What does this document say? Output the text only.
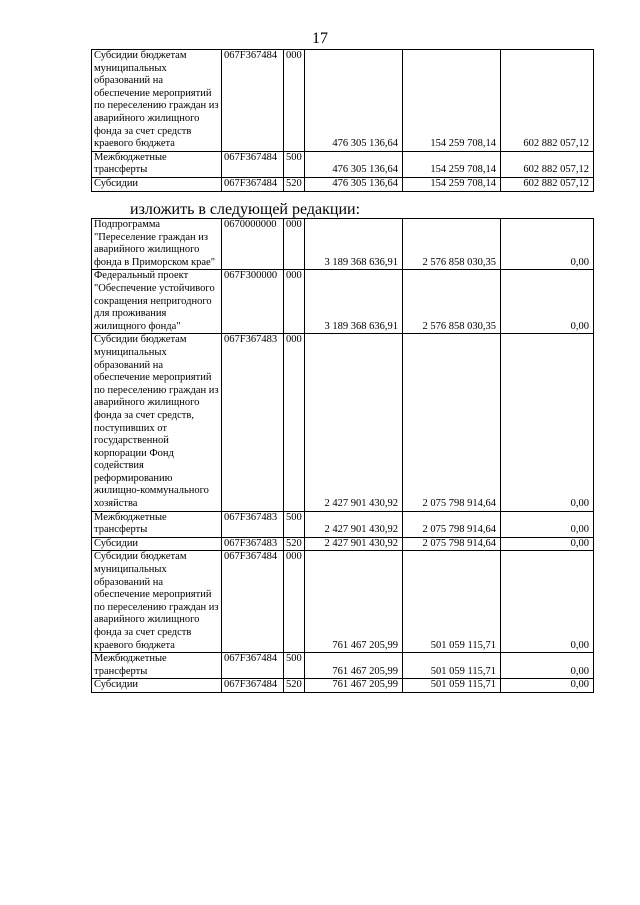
17
Субсидии бюджетам муниципальных образований на обеспечение мероприятий по переселению граждан из аварийного жилищного фонда за счет средств краевого бюджета	067F367484	000	476 305 136,64	154 259 708,14	602 882 057,12
Межбюджетные трансферты	067F367484	500	476 305 136,64	154 259 708,14	602 882 057,12
Субсидии	067F367484	520	476 305 136,64	154 259 708,14	602 882 057,12
изложить в следующей редакции:
Подпрограмма "Переселение граждан из аварийного жилищного фонда в Приморском крае"	0670000000	000	3 189 368 636,91	2 576 858 030,35	0,00
Федеральный проект "Обеспечение устойчивого сокращения непригодного для проживания жилищного фонда"	067F300000	000	3 189 368 636,91	2 576 858 030,35	0,00
Субсидии бюджетам муниципальных образований на обеспечение мероприятий по переселению граждан из аварийного жилищного фонда за счет средств, поступивших от государственной корпорации Фонд содействия реформированию жилищно-коммунального хозяйства	067F367483	000	2 427 901 430,92	2 075 798 914,64	0,00
Межбюджетные трансферты	067F367483	500	2 427 901 430,92	2 075 798 914,64	0,00
Субсидии	067F367483	520	2 427 901 430,92	2 075 798 914,64	0,00
Субсидии бюджетам муниципальных образований на обеспечение мероприятий по переселению граждан из аварийного жилищного фонда за счет средств краевого бюджета	067F367484	000	761 467 205,99	501 059 115,71	0,00
Межбюджетные трансферты	067F367484	500	761 467 205,99	501 059 115,71	0,00
Субсидии	067F367484	520	761 467 205,99	501 059 115,71	0,00
